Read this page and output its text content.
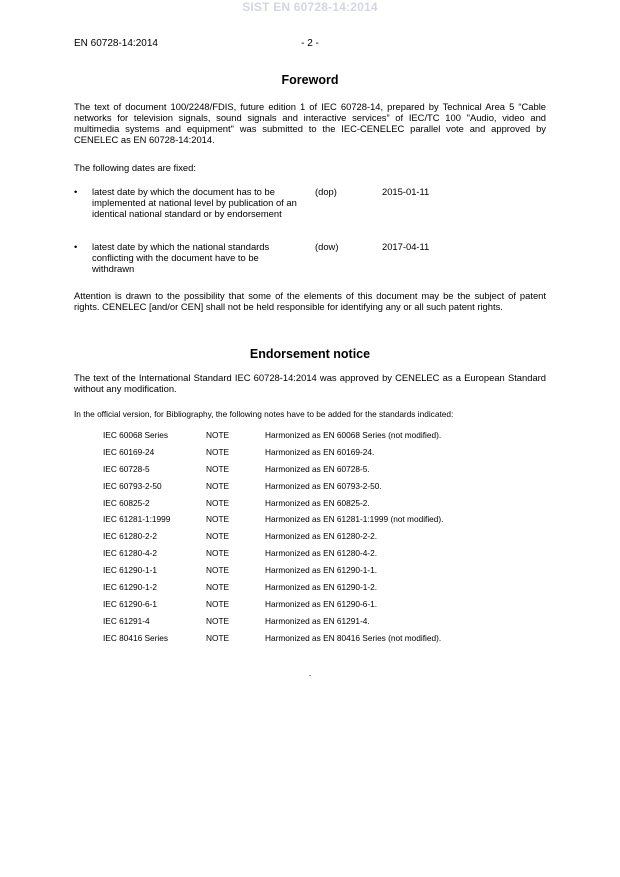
SIST EN 60728-14:2014
EN 60728-14:2014	- 2 -
Foreword
The text of document 100/2248/FDIS, future edition 1 of IEC 60728-14, prepared by Technical Area 5 “Cable networks for television signals, sound signals and interactive services” of IEC/TC 100 "Audio, video and multimedia systems and equipment" was submitted to the IEC-CENELEC parallel vote and approved by CENELEC as EN 60728-14:2014.
The following dates are fixed:
• latest date by which the document has to be implemented at national level by publication of an identical national standard or by endorsement
(dop)	2015-01-11
• latest date by which the national standards conflicting with the document have to be withdrawn
(dow)	2017-04-11
Attention is drawn to the possibility that some of the elements of this document may be the subject of patent rights. CENELEC [and/or CEN] shall not be held responsible for identifying any or all such patent rights.
Endorsement notice
The text of the International Standard IEC 60728-14:2014 was approved by CENELEC as a European Standard without any modification.
In the official version, for Bibliography, the following notes have to be added for the standards indicated:
IEC 60068 Series	NOTE	Harmonized as EN 60068 Series (not modified).
IEC 60169-24	NOTE	Harmonized as EN 60169-24.
IEC 60728-5	NOTE	Harmonized as EN 60728-5.
IEC 60793-2-50	NOTE	Harmonized as EN 60793-2-50.
IEC 60825-2	NOTE	Harmonized as EN 60825-2.
IEC 61281-1:1999	NOTE	Harmonized as EN 61281-1:1999 (not modified).
IEC 61280-2-2	NOTE	Harmonized as EN 61280-2-2.
IEC 61280-4-2	NOTE	Harmonized as EN 61280-4-2.
IEC 61290-1-1	NOTE	Harmonized as EN 61290-1-1.
IEC 61290-1-2	NOTE	Harmonized as EN 61290-1-2.
IEC 61290-6-1	NOTE	Harmonized as EN 61290-6-1.
IEC 61291-4	NOTE	Harmonized as EN 61291-4.
IEC 80416 Series	NOTE	Harmonized as EN 80416 Series (not modified).
.
